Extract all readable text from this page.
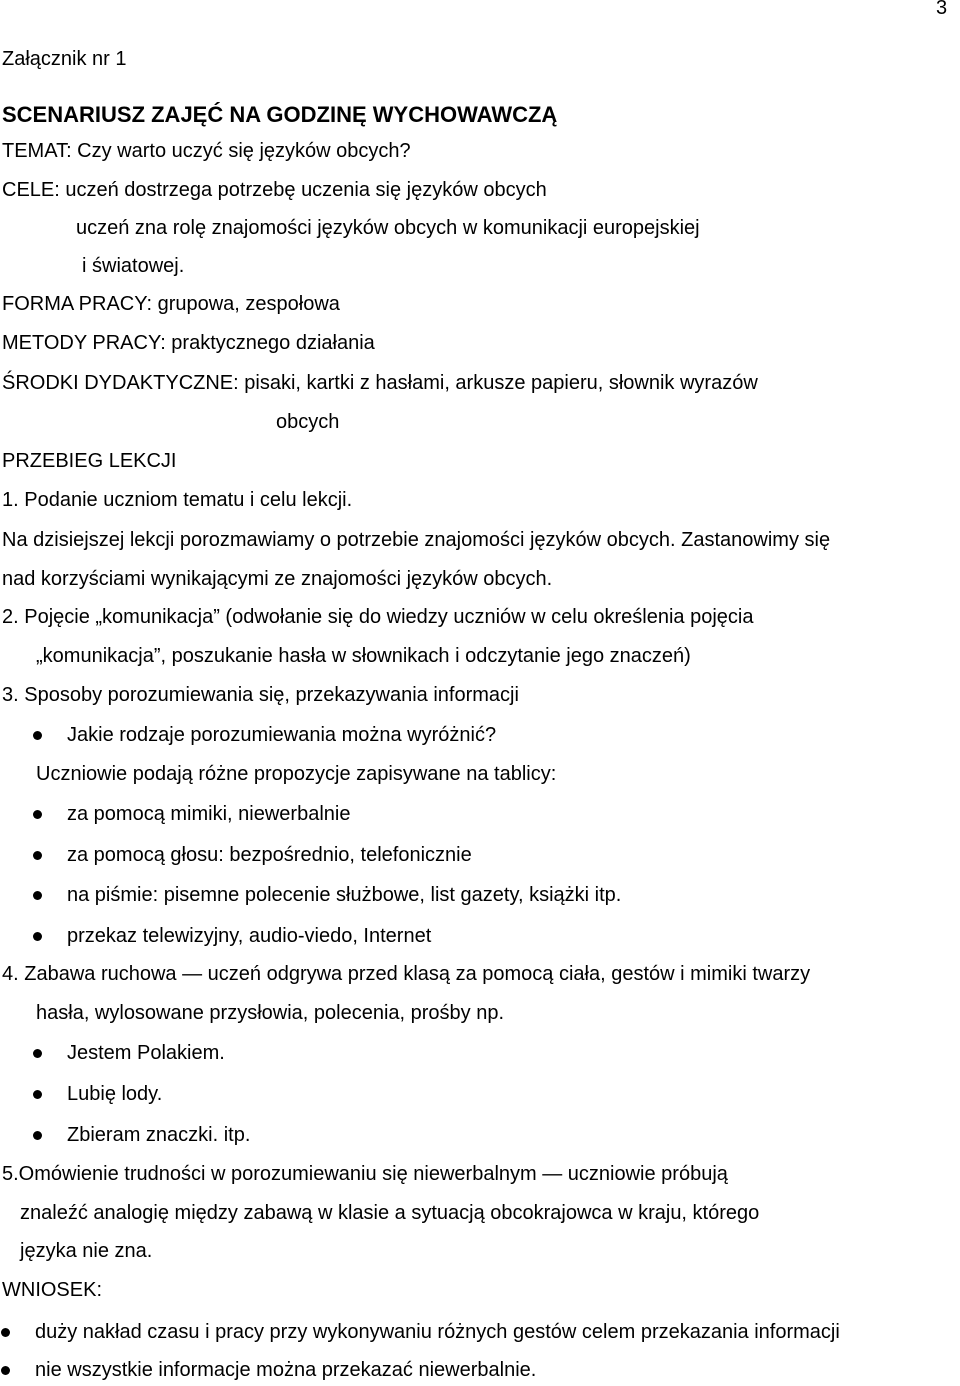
3
Załącznik nr 1
SCENARIUSZ ZAJĘĆ NA GODZINĘ WYCHOWAWCZĄ
TEMAT: Czy warto uczyć się języków obcych?
CELE: uczeń dostrzega potrzebę uczenia się języków obcych
uczeń zna rolę znajomości języków obcych w komunikacji europejskiej
i światowej.
FORMA PRACY: grupowa, zespołowa
METODY PRACY: praktycznego działania
ŚRODKI DYDAKTYCZNE: pisaki, kartki z hasłami, arkusze papieru, słownik wyrazów
obcych
PRZEBIEG LEKCJI
1. Podanie uczniom tematu i celu lekcji.
Na dzisiejszej lekcji porozmawiamy o potrzebie znajomości języków obcych. Zastanowimy się
nad korzyściami wynikającymi ze znajomości języków obcych.
2. Pojęcie „komunikacja” (odwołanie się do wiedzy uczniów w celu określenia pojęcia
„komunikacja”, poszukanie hasła w słownikach i odczytanie jego znaczeń)
3. Sposoby porozumiewania się, przekazywania informacji
Jakie rodzaje porozumiewania można wyróżnić?
Uczniowie podają różne propozycje zapisywane na tablicy:
za pomocą mimiki, niewerbalnie
za pomocą głosu: bezpośrednio, telefonicznie
na piśmie: pisemne polecenie służbowe, list gazety, książki itp.
przekaz telewizyjny, audio-viedo, Internet
4. Zabawa ruchowa — uczeń odgrywa przed klasą za pomocą ciała, gestów i mimiki twarzy
hasła, wylosowane przysłowia, polecenia, prośby np.
Jestem Polakiem.
Lubię lody.
Zbieram znaczki. itp.
5.Omówienie trudności w porozumiewaniu się niewerbalnym — uczniowie próbują
znaleźć analogię między zabawą w klasie a sytuacją obcokrajowca w kraju, którego
języka nie zna.
WNIOSEK:
duży nakład czasu i pracy przy wykonywaniu różnych gestów celem przekazania informacji
nie wszystkie informacje można przekazać niewerbalnie.
